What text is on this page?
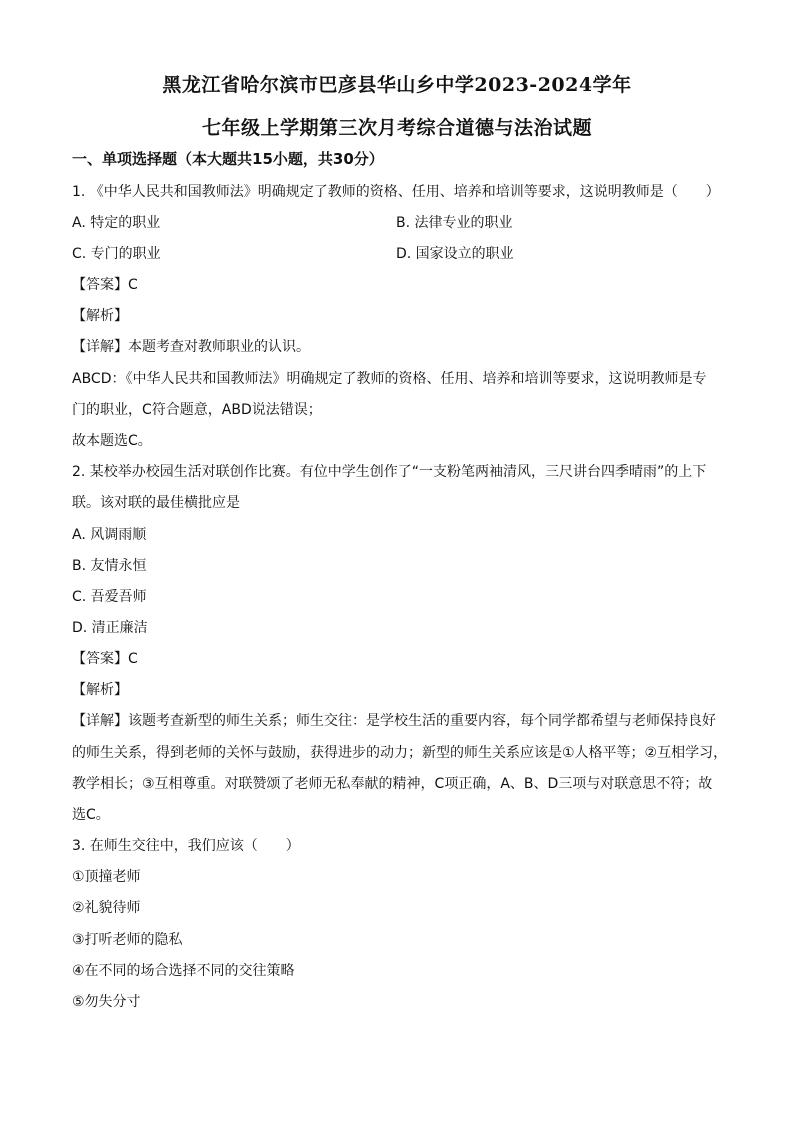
黑龙江省哈尔滨市巴彦县华山乡中学2023-2024学年
七年级上学期第三次月考综合道德与法治试题
一、单项选择题（本大题共15小题，共30分）
1. 《中华人民共和国教师法》明确规定了教师的资格、任用、培养和培训等要求，这说明教师是（　　）
A. 特定的职业	B. 法律专业的职业
C. 专门的职业	D. 国家设立的职业
【答案】C
【解析】
【详解】本题考查对教师职业的认识。
ABCD：《中华人民共和国教师法》明确规定了教师的资格、任用、培养和培训等要求，这说明教师是专
门的职业，C符合题意，ABD说法错误；
故本题选C。
2. 某校举办校园生活对联创作比赛。有位中学生创作了“一支粉笔两袖清风，三尺讲台四季晴雨”的上下
联。该对联的最佳横批应是
A. 风调雨顺
B. 友情永恒
C. 吾爱吾师
D. 清正廉洁
【答案】C
【解析】
【详解】该题考查新型的师生关系；师生交往：是学校生活的重要内容，每个同学都希望与老师保持良好
的师生关系，得到老师的关怀与鼓励，获得进步的动力；新型的师生关系应该是①人格平等；②互相学习，
教学相长；③互相尊重。对联赞颂了老师无私奉献的精神，C项正确，A、B、D三项与对联意思不符；故
选C。
3. 在师生交往中，我们应该（　　）
①顶撞老师
②礼貌待师
③打听老师的隐私
④在不同的场合选择不同的交往策略
⑤勿失分寸
